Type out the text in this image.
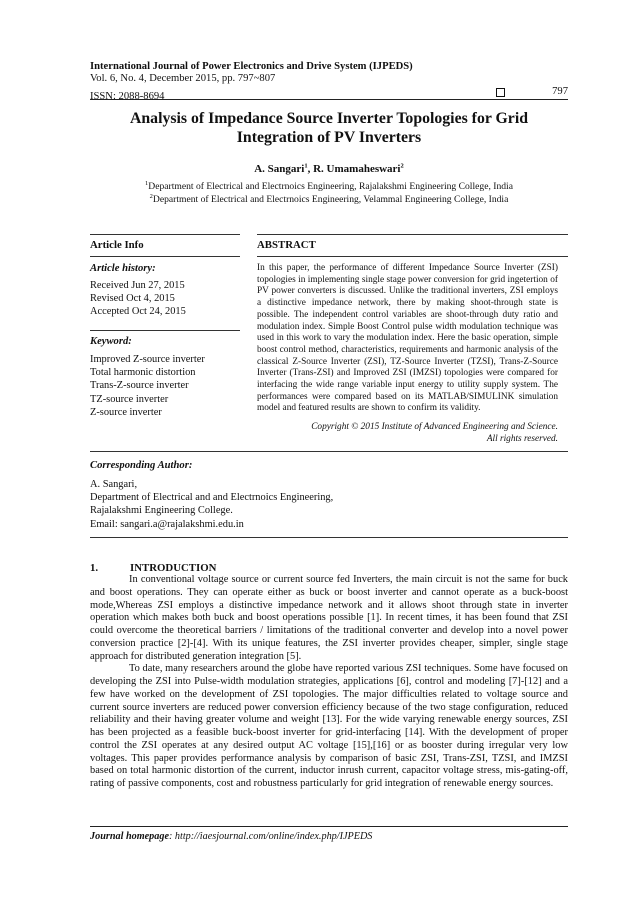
International Journal of Power Electronics and Drive System (IJPEDS)
Vol. 6, No. 4, December 2015, pp. 797~807
ISSN: 2088-8694	797
Analysis of Impedance Source Inverter Topologies for Grid
Integration of PV Inverters
A. Sangari$^1$, R. Umamaheswari$^2$
$^1$Department of Electrical and Electrnoics Engineering, Rajalakshmi Engineering College, India
$^2$Department of Electrical and Electrnoics Engineering, Velammal Engineering College, India
Article Info	ABSTRACT
Article history:
Received Jun 27, 2015
Revised Oct 4, 2015
Accepted Oct 24, 2015
Keyword:
Improved Z-source inverter
Total harmonic distortion
Trans-Z-source inverter
TZ-source inverter
Z-source inverter

In this paper, the performance of different Impedance Source Inverter (ZSI) topologies in implementing single stage power conversion for grid ingetertion of PV power converters is discussed. Unlike the traditional inverters, ZSI employs a distinctive impedance network, there by making shoot-through state is possible. The independent control variables are shoot-through duty ratio and modulation index. Simple Boost Control pulse width modulation technique was used in this work to vary the modulation index. Here the basic operation, simple boost control method, characteristics, requirements and harmonic analysis of the classical Z-Source Inverter (ZSI), TZ-Source Inverter (TZSI), Trans-Z-Source Inverter (Trans-ZSI) and Improved ZSI (IMZSI) topologies were compared for interfacing the wide range variable input energy to utility supply system. The performances were compared based on its MATLAB/SIMULINK simulation model and featured results are shown to confirm its validity.

Copyright © 2015 Institute of Advanced Engineering and Science.
All rights reserved.
Corresponding Author:
A. Sangari,
Department of Electrical and and Electrnoics Engineering,
Rajalakshmi Engineering College.
Email: sangari.a@rajalakshmi.edu.in
1.	INTRODUCTION

In conventional voltage source or current source fed Inverters, the main circuit is not the same for buck and boost operations. They can operate either as buck or boost inverter and cannot operate as a buck-boost mode,Whereas ZSI employs a distinctive impedance network and it allows shoot through state in inverter operation which makes both buck and boost operations possible [1]. In recent times, it has been found that ZSI could overcome the theoretical barriers / limitations of the traditional converter and develop into a novel power conversion practice [2]-[4]. With its unique features, the ZSI inverter provides cheaper, simpler, single stage approach for distributed generation integration [5].

To date, many researchers around the globe have reported various ZSI techniques. Some have focused on developing the ZSI into Pulse-width modulation strategies, applications [6], control and modeling [7]-[12] and a few have worked on the development of ZSI topologies. The major difficulties related to voltage source and current source inverters are reduced power conversion efficiency because of the two stage configuration, reduced reliability and their having greater volume and weight [13]. For the wide varying renewable energy sources, ZSI has been projected as a feasible buck-boost inverter for grid-interfacing [14]. With the development of proper control the ZSI operates at any desired output AC voltage [15],[16] or as booster during irregular very low voltages. This paper provides performance analysis by comparison of basic ZSI, Trans-ZSI, TZSI, and IMZSI based on total harmonic distortion of the current, inductor inrush current, capacitor voltage stress, mis-gating-off, rating of passive components, cost and robustness particularly for grid integration of renewable energy sources.

Journal homepage: http://iaesjournal.com/online/index.php/IJPEDS
